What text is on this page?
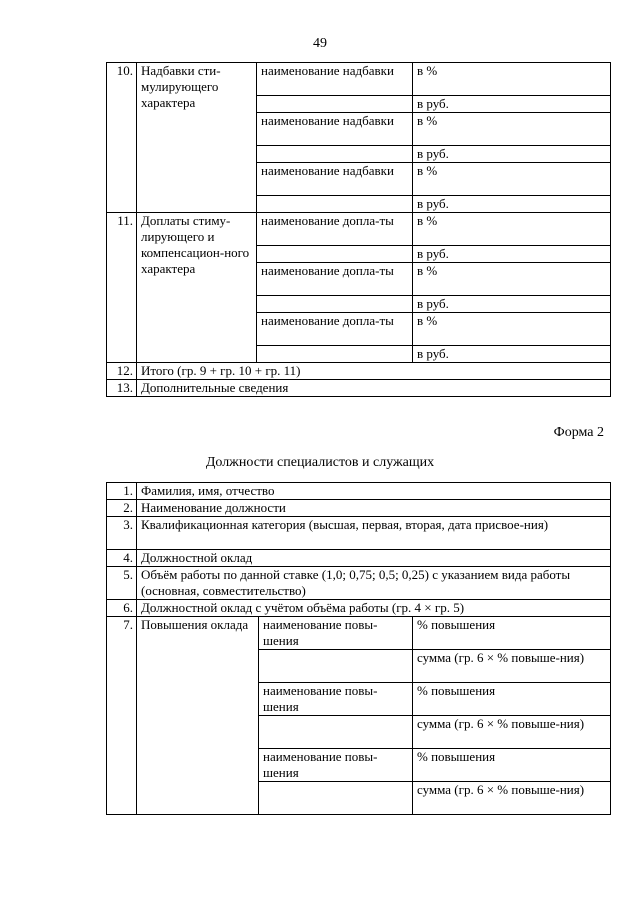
49
10.	Надбавки сти-мулирующего характера	наименование надбавки	в %
			в руб.
		наименование надбавки	в %
			в руб.
		наименование надбавки	в %
			в руб.
11.	Доплаты стиму-лирующего и компенсацион-ного характера	наименование допла-ты	в %
			в руб.
		наименование допла-ты	в %
			в руб.
		наименование допла-ты	в %
			в руб.
12.	Итого (гр. 9 + гр. 10 + гр. 11)		
13.	Дополнительные сведения		
Форма 2
Должности специалистов и служащих
1.	Фамилия, имя, отчество		
2.	Наименование должности		
3.	Квалификационная категория (высшая, первая, вторая, дата присвое-ния)		
4.	Должностной оклад		
5.	Объём работы по данной ставке (1,0; 0,75; 0,5; 0,25) с указанием вида работы (основная, совместительство)		
6.	Должностной оклад с учётом объёма работы (гр. 4 × гр. 5)		
7.	Повышения оклада	наименование повы-шения	% повышения
			сумма (гр. 6 × % повыше-ния)
		наименование повы-шения	% повышения
			сумма (гр. 6 × % повыше-ния)
		наименование повы-шения	% повышения
			сумма (гр. 6 × % повыше-ния)
